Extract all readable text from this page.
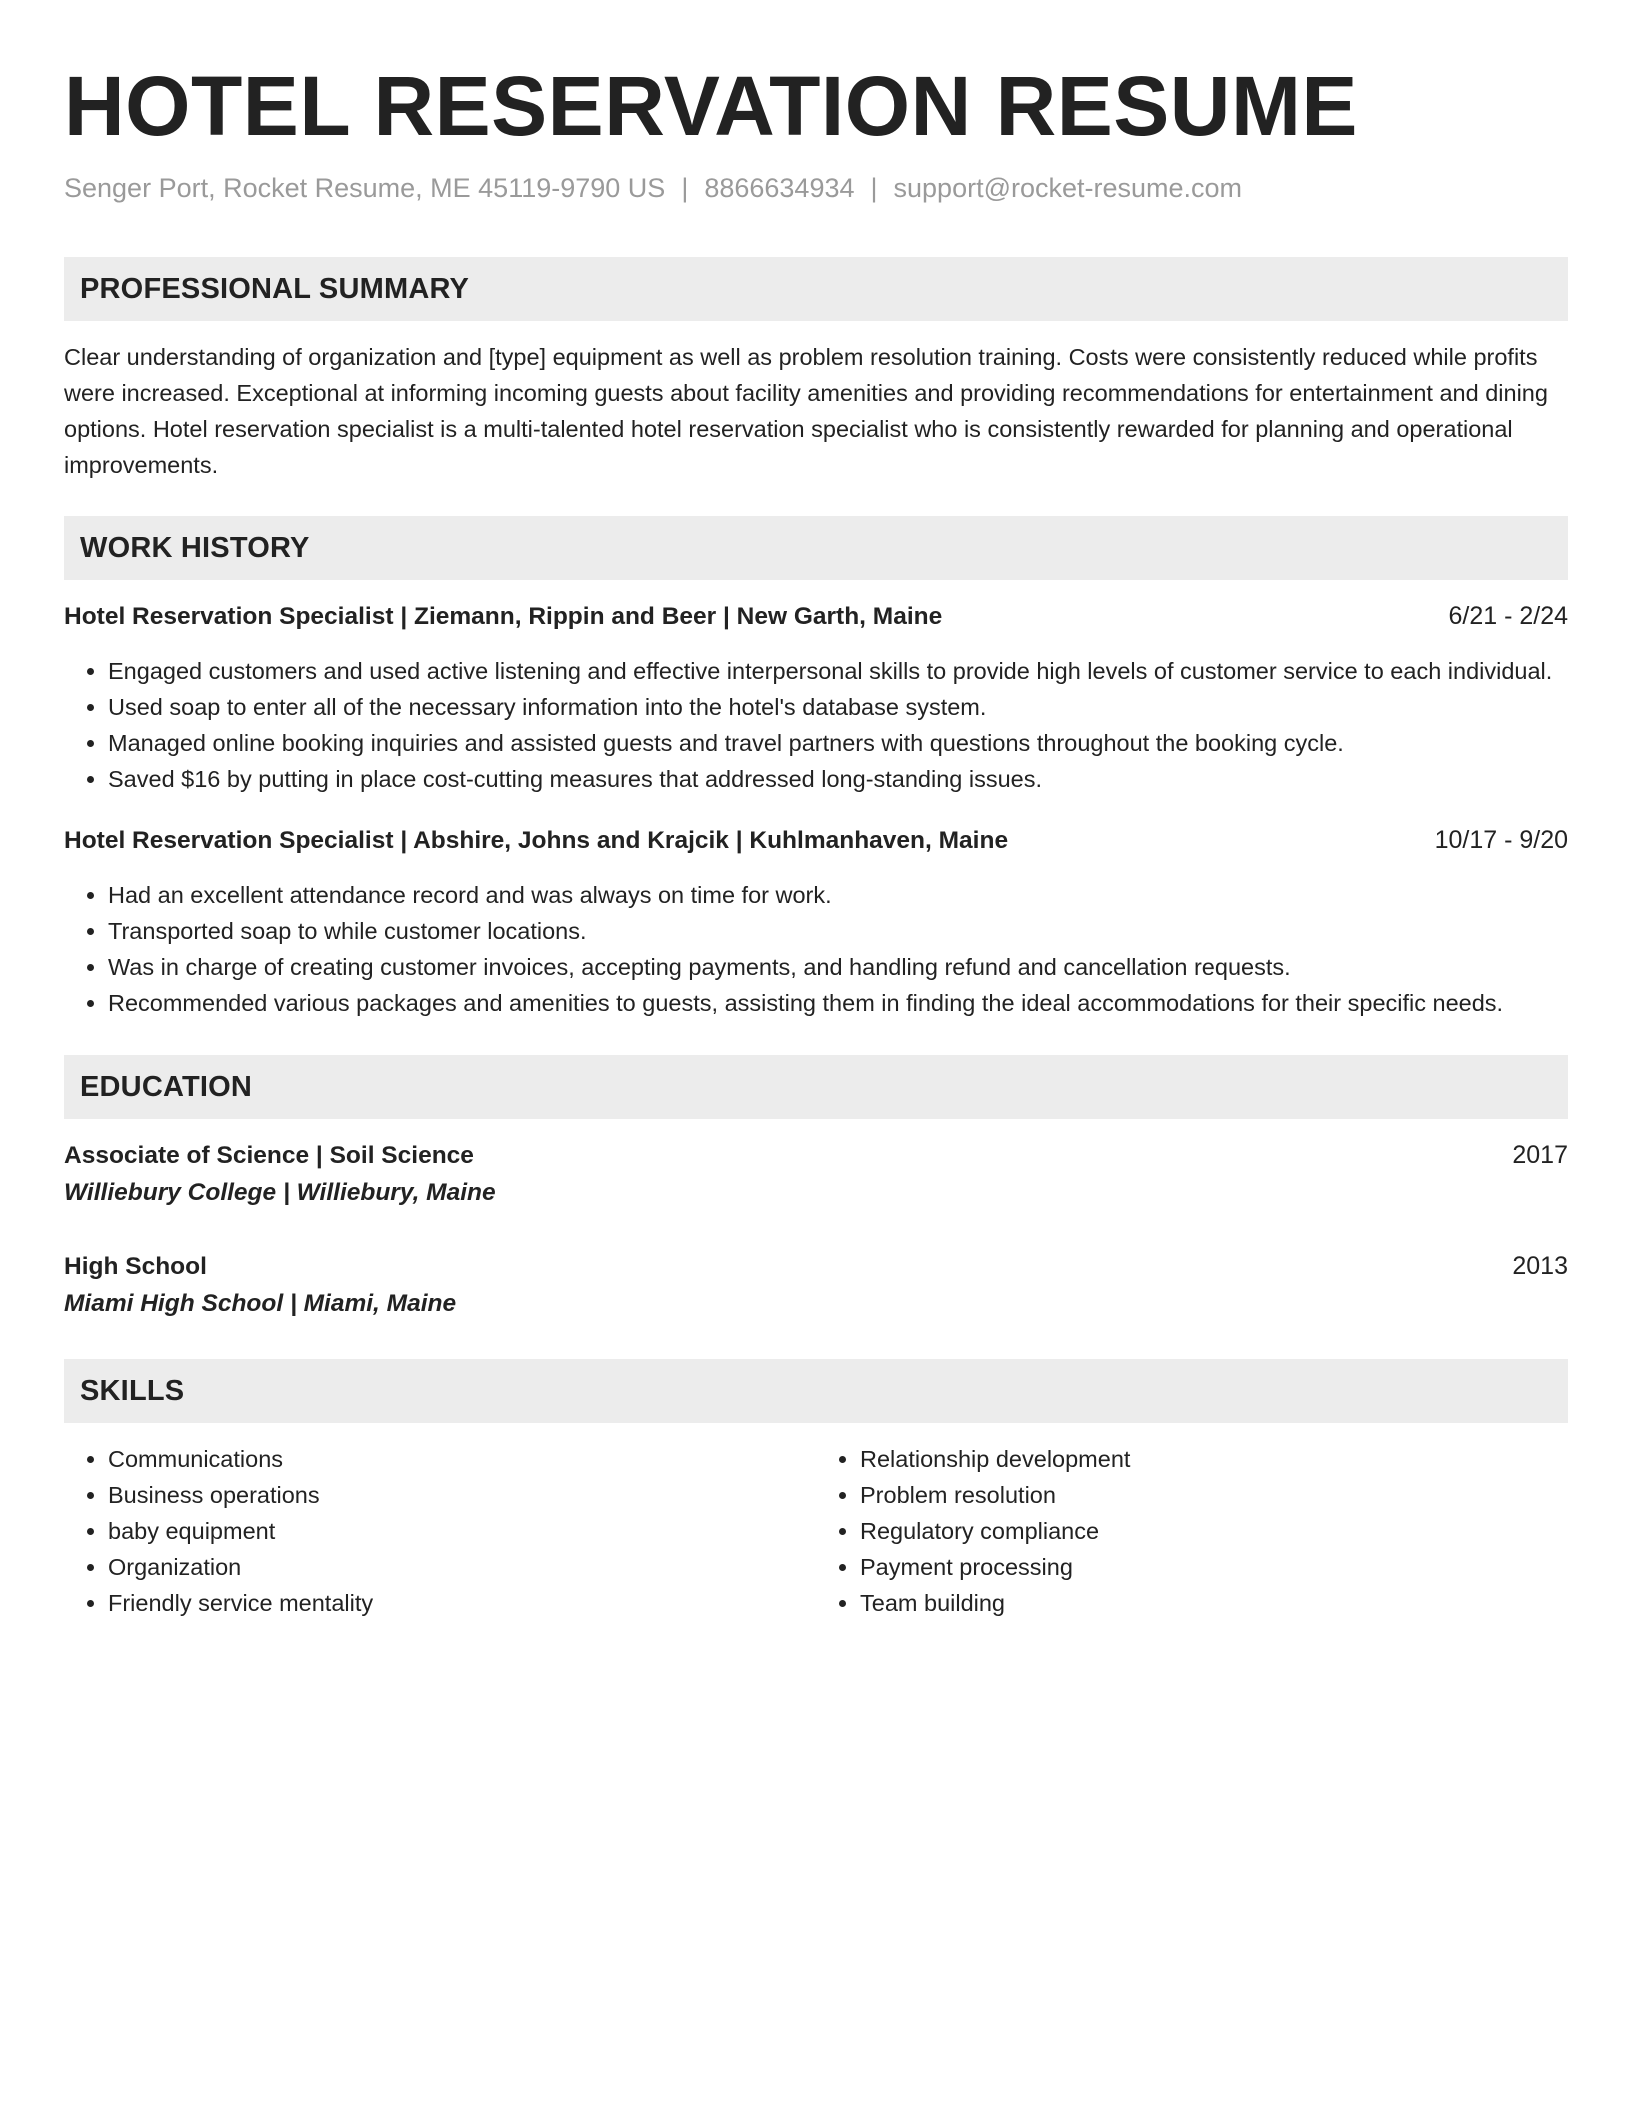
HOTEL RESERVATION RESUME
Senger Port, Rocket Resume, ME 45119-9790 US | 8866634934 | support@rocket-resume.com
PROFESSIONAL SUMMARY

Clear understanding of organization and [type] equipment as well as problem resolution training. Costs were consistently reduced while profits were increased. Exceptional at informing incoming guests about facility amenities and providing recommendations for entertainment and dining options. Hotel reservation specialist is a multi-talented hotel reservation specialist who is consistently rewarded for planning and operational improvements.

WORK HISTORY
Hotel Reservation Specialist | Ziemann, Rippin and Beer | New Garth, Maine	6/21 - 2/24
• Engaged customers and used active listening and effective interpersonal skills to provide high levels of customer service to each individual.
• Used soap to enter all of the necessary information into the hotel's database system.
• Managed online booking inquiries and assisted guests and travel partners with questions throughout the booking cycle.
• Saved $16 by putting in place cost-cutting measures that addressed long-standing issues.
Hotel Reservation Specialist | Abshire, Johns and Krajcik | Kuhlmanhaven, Maine	10/17 - 9/20
• Had an excellent attendance record and was always on time for work.
• Transported soap to while customer locations.
• Was in charge of creating customer invoices, accepting payments, and handling refund and cancellation requests.
• Recommended various packages and amenities to guests, assisting them in finding the ideal accommodations for their specific needs.
EDUCATION
Associate of Science | Soil Science	2017
Williebury College | Williebury, Maine
High School	2013
Miami High School | Miami, Maine
SKILLS
• Communications
• Business operations
• baby equipment
• Organization
• Friendly service mentality
• Relationship development
• Problem resolution
• Regulatory compliance
• Payment processing
• Team building
